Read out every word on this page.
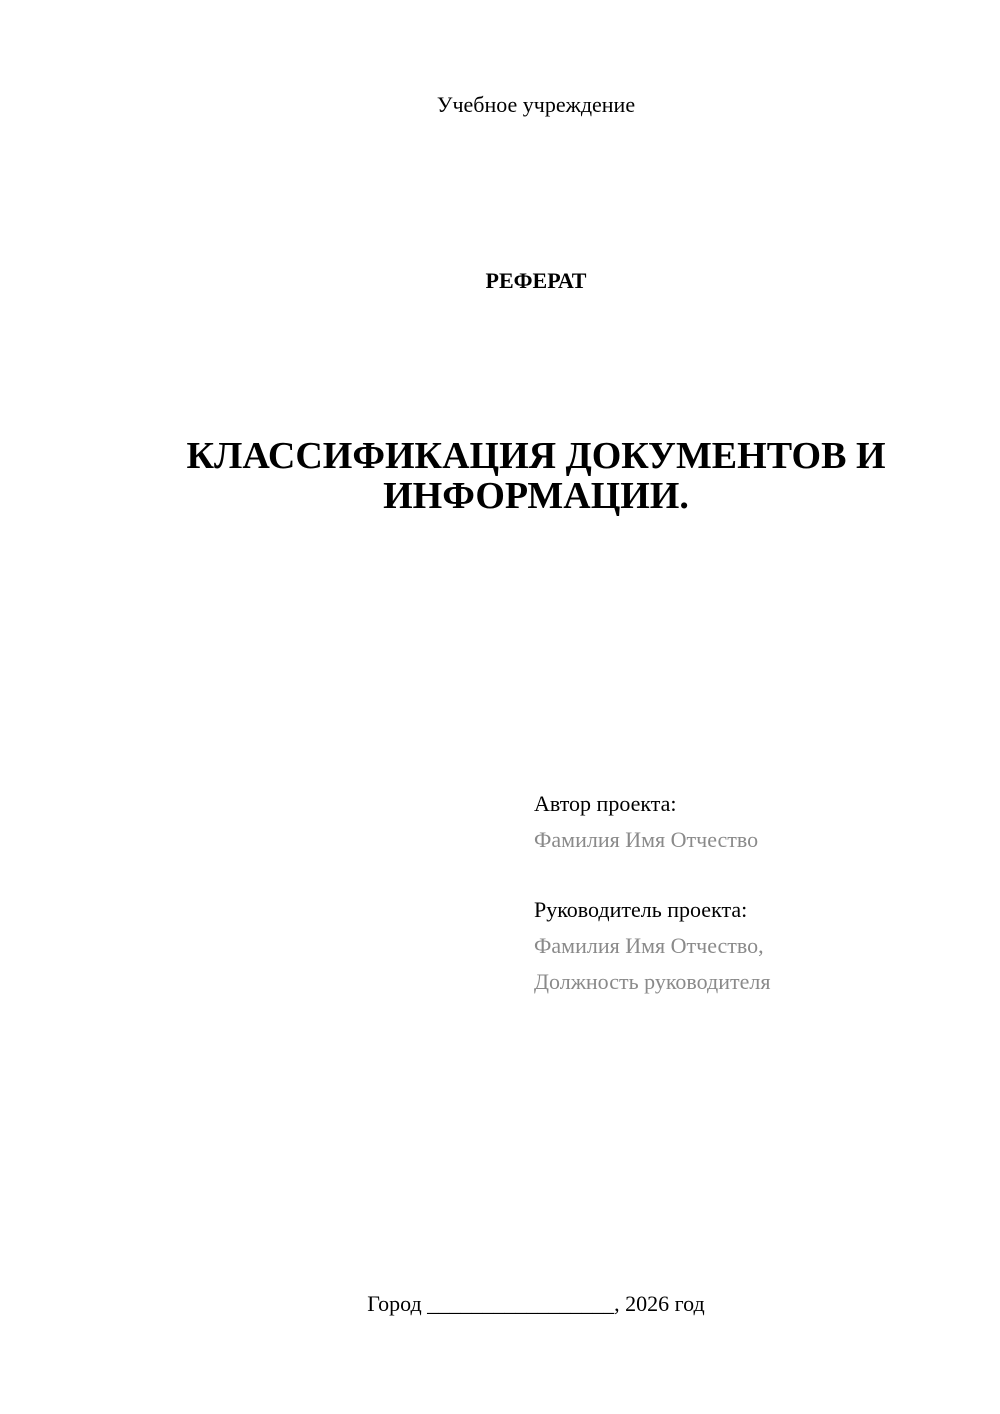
Учебное учреждение
РЕФЕРАТ
КЛАССИФИКАЦИЯ ДОКУМЕНТОВ И
ИНФОРМАЦИИ.
Автор проекта:
Фамилия Имя Отчество
Руководитель проекта:
Фамилия Имя Отчество,
Должность руководителя
Город _________________, 2026 год
